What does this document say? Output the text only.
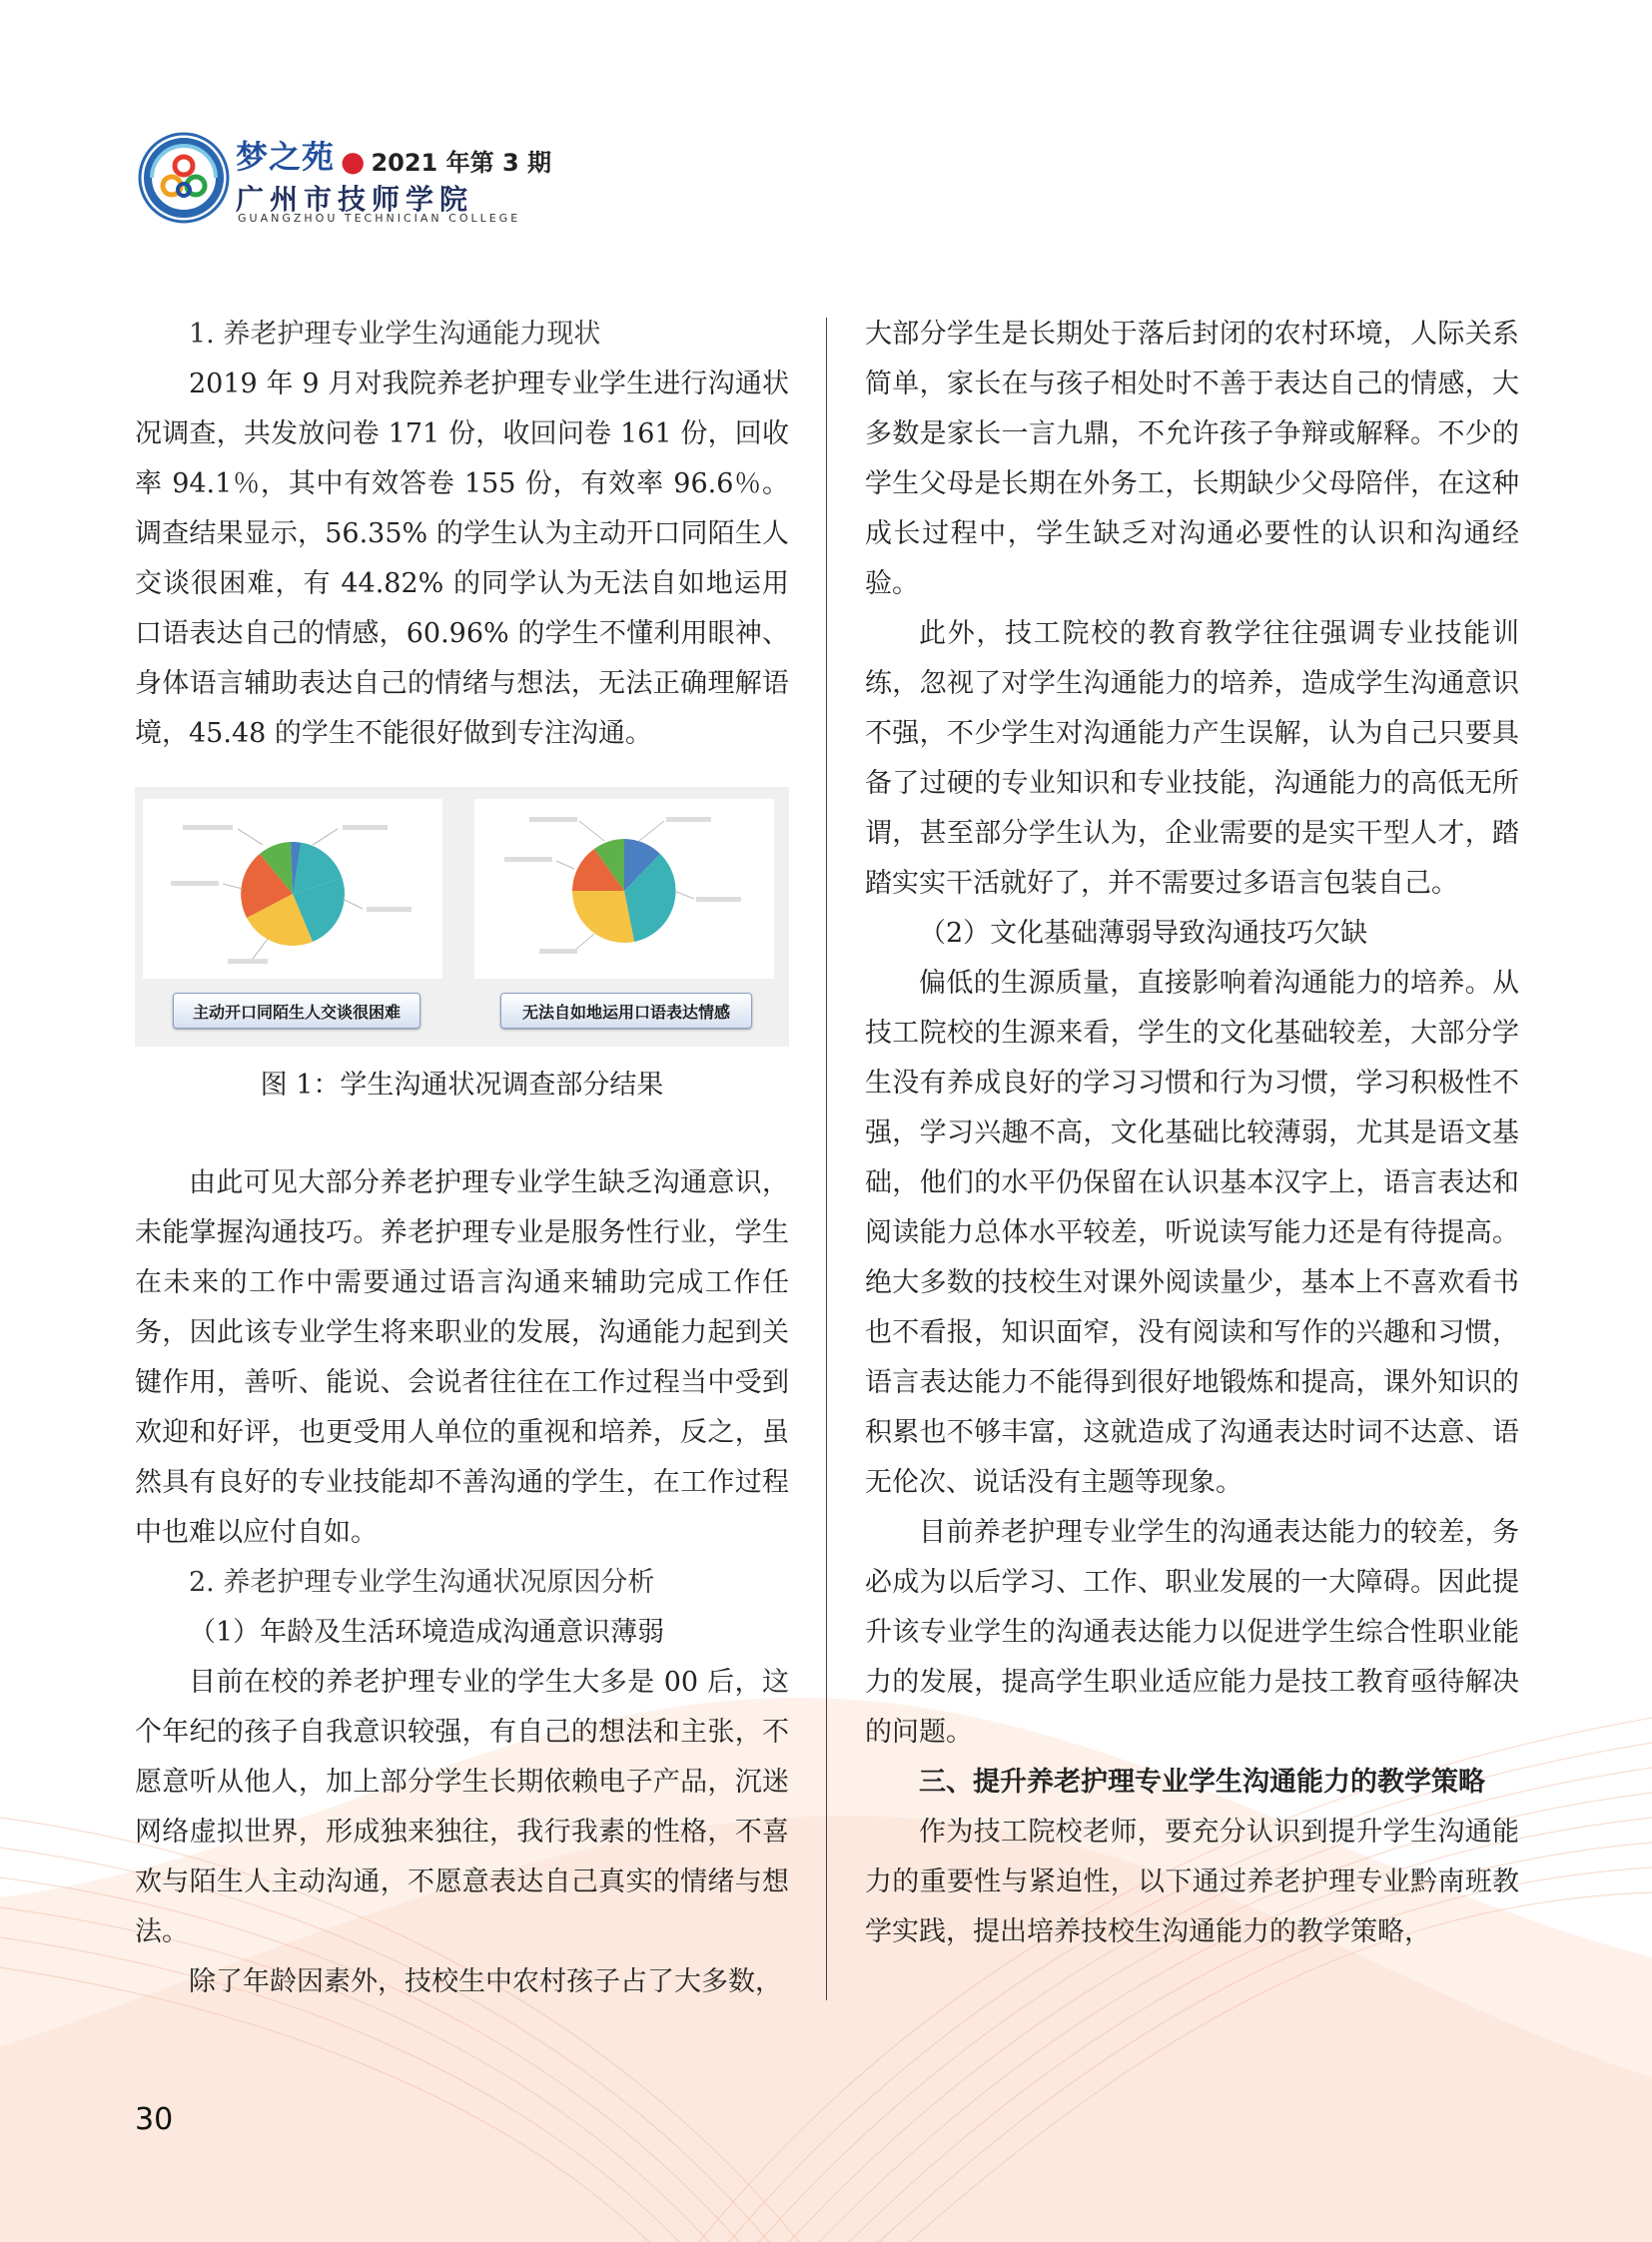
梦之苑 ● 2021 年第 3 期
广州市技师学院
GUANGZHOU TECHNICIAN COLLEGE

1. 养老护理专业学生沟通能力现状

2019 年 9 月对我院养老护理专业学生进行沟通状况调查，共发放问卷 171 份，收回问卷 161 份，回收率 94.1％，其中有效答卷 155 份，有效率 96.6％。调查结果显示，56.35% 的学生认为主动开口同陌生人交谈很困难，有 44.82% 的同学认为无法自如地运用口语表达自己的情感，60.96% 的学生不懂利用眼神、身体语言辅助表达自己的情绪与想法，无法正确理解语境，45.48 的学生不能很好做到专注沟通。

主动开口同陌生人交谈很困难	无法自如地运用口语表达情感

图 1：学生沟通状况调查部分结果

由此可见大部分养老护理专业学生缺乏沟通意识，未能掌握沟通技巧。养老护理专业是服务性行业，学生在未来的工作中需要通过语言沟通来辅助完成工作任务，因此该专业学生将来职业的发展，沟通能力起到关键作用，善听、能说、会说者往往在工作过程当中受到欢迎和好评，也更受用人单位的重视和培养，反之，虽然具有良好的专业技能却不善沟通的学生，在工作过程中也难以应付自如。

2. 养老护理专业学生沟通状况原因分析

（1）年龄及生活环境造成沟通意识薄弱

目前在校的养老护理专业的学生大多是 00 后，这个年纪的孩子自我意识较强，有自己的想法和主张，不愿意听从他人，加上部分学生长期依赖电子产品，沉迷网络虚拟世界，形成独来独往，我行我素的性格，不喜欢与陌生人主动沟通，不愿意表达自己真实的情绪与想法。

除了年龄因素外，技校生中农村孩子占了大多数，

大部分学生是长期处于落后封闭的农村环境，人际关系简单，家长在与孩子相处时不善于表达自己的情感，大多数是家长一言九鼎，不允许孩子争辩或解释。不少的学生父母是长期在外务工，长期缺少父母陪伴，在这种成长过程中，学生缺乏对沟通必要性的认识和沟通经验。

此外，技工院校的教育教学往往强调专业技能训练，忽视了对学生沟通能力的培养，造成学生沟通意识不强，不少学生对沟通能力产生误解，认为自己只要具备了过硬的专业知识和专业技能，沟通能力的高低无所谓，甚至部分学生认为，企业需要的是实干型人才，踏踏实实干活就好了，并不需要过多语言包装自己。

（2）文化基础薄弱导致沟通技巧欠缺

偏低的生源质量，直接影响着沟通能力的培养。从技工院校的生源来看，学生的文化基础较差，大部分学生没有养成良好的学习习惯和行为习惯，学习积极性不强，学习兴趣不高，文化基础比较薄弱，尤其是语文基础，他们的水平仍保留在认识基本汉字上，语言表达和阅读能力总体水平较差，听说读写能力还是有待提高。绝大多数的技校生对课外阅读量少，基本上不喜欢看书也不看报，知识面窄，没有阅读和写作的兴趣和习惯，语言表达能力不能得到很好地锻炼和提高，课外知识的积累也不够丰富，这就造成了沟通表达时词不达意、语无伦次、说话没有主题等现象。

目前养老护理专业学生的沟通表达能力的较差，务必成为以后学习、工作、职业发展的一大障碍。因此提升该专业学生的沟通表达能力以促进学生综合性职业能力的发展，提高学生职业适应能力是技工教育亟待解决的问题。

三、提升养老护理专业学生沟通能力的教学策略

作为技工院校老师，要充分认识到提升学生沟通能力的重要性与紧迫性，以下通过养老护理专业黔南班教学实践，提出培养技校生沟通能力的教学策略，

30
